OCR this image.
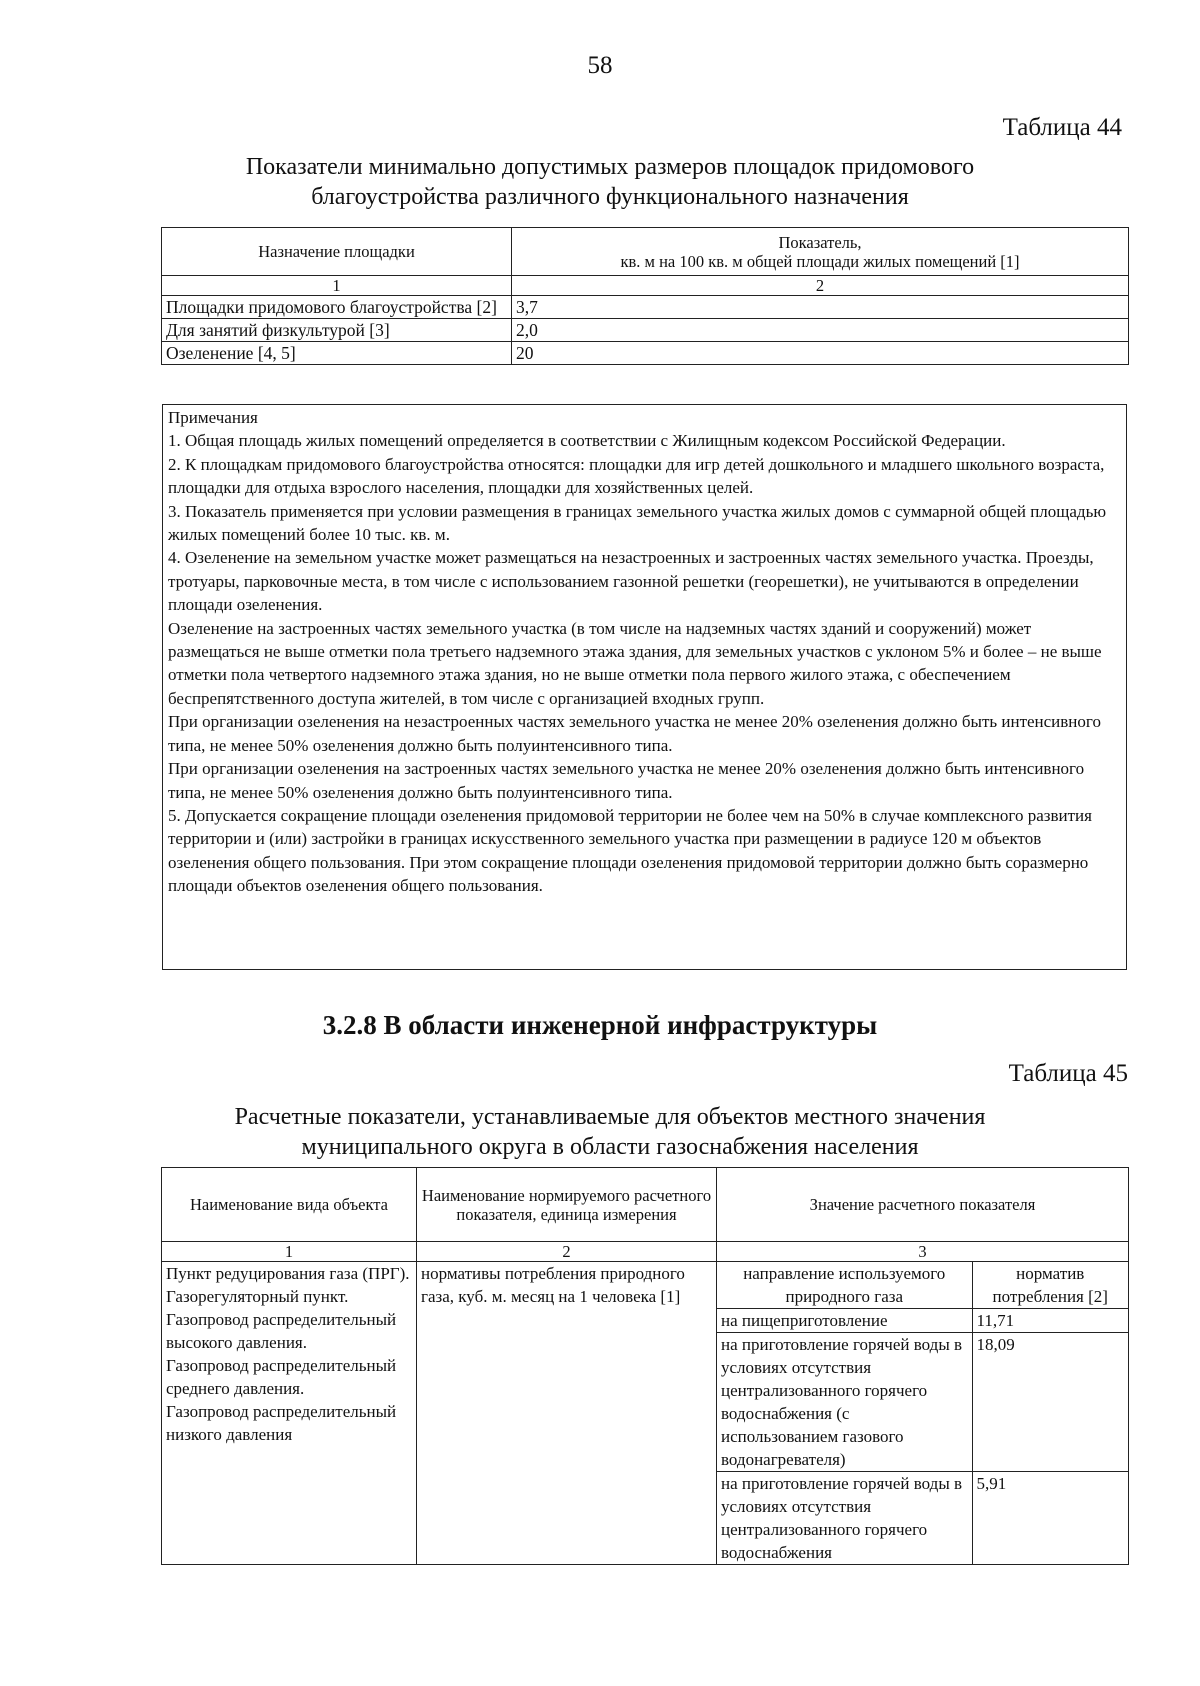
58
Таблица 44
Показатели минимально допустимых размеров площадок придомового
благоустройства различного функционального назначения
Назначение площадки	Показатель,
кв. м на 100 кв. м общей площади жилых помещений [1]

1	2
Площадки придомового благоустройства [2]	3,7
Для занятий физкультурой [3]	2,0
Озеленение [4, 5]	20

Примечания

1. Общая площадь жилых помещений определяется в соответствии с Жилищным кодексом Российской Федерации.

2. К площадкам придомового благоустройства относятся: площадки для игр детей дошкольного и младшего школьного возраста, площадки для отдыха взрослого населения, площадки для хозяйственных целей.

3. Показатель применяется при условии размещения в границах земельного участка жилых домов с суммарной общей площадью жилых помещений более 10 тыс. кв. м.

4. Озеленение на земельном участке может размещаться на незастроенных и застроенных частях земельного участка. Проезды, тротуары, парковочные места, в том числе с использованием газонной решетки (георешетки), не учитываются в определении площади озеленения.

Озеленение на застроенных частях земельного участка (в том числе на надземных частях зданий и сооружений) может размещаться не выше отметки пола третьего надземного этажа здания, для земельных участков с уклоном 5% и более – не выше отметки пола четвертого надземного этажа здания, но не выше отметки пола первого жилого этажа, с обеспечением беспрепятственного доступа жителей, в том числе с организацией входных групп.

При организации озеленения на незастроенных частях земельного участка не менее 20% озеленения должно быть интенсивного типа, не менее 50% озеленения должно быть полуинтенсивного типа.

При организации озеленения на застроенных частях земельного участка не менее 20% озеленения должно быть интенсивного типа, не менее 50% озеленения должно быть полуинтенсивного типа.

5. Допускается сокращение площади озеленения придомовой территории не более чем на 50% в случае комплексного развития территории и (или) застройки в границах искусственного земельного участка при размещении в радиусе 120 м объектов озеленения общего пользования. При этом сокращение площади озеленения придомовой территории должно быть соразмерно площади объектов озеленения общего пользования.

3.2.8 В области инженерной инфраструктуры
Таблица 45
Расчетные показатели, устанавливаемые для объектов местного значения
муниципального округа в области газоснабжения населения
Наименование вида объекта	Наименование нормируемого расчетного показателя, единица измерения	Значение расчетного показателя
1	2	3

Пункт редуцирования газа (ПРГ).

Газорегуляторный пункт.

Газопровод распределительный высокого давления.

Газопровод распределительный среднего давления.

Газопровод распределительный низкого давления

	нормативы потребления природного газа, куб. м. месяц на 1 человека [1]	
направление используемого природного газа	норматив потребления [2]
на пищеприготовление	11,71
на приготовление горячей воды в условиях отсутствия централизованного горячего водоснабжения (с использованием газового водонагревателя)	18,09
на приготовление горячей воды в условиях отсутствия централизованного горячего водоснабжения	5,91
